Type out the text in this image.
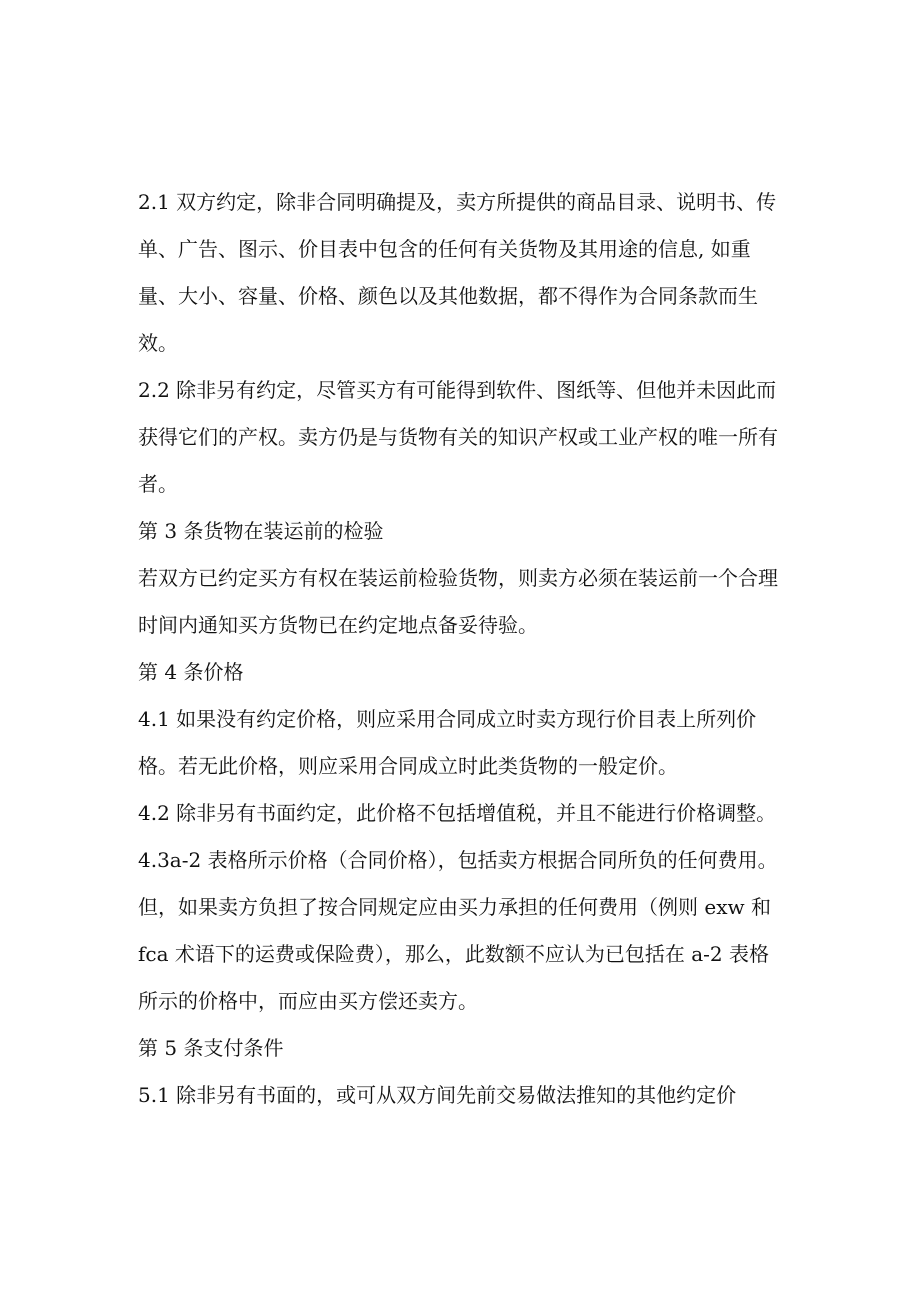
2.1 双方约定，除非合同明确提及，卖方所提供的商品目录、说明书、传
单、广告、图示、价目表中包含的任何有关货物及其用途的信息, 如重
量、大小、容量、价格、颜色以及其他数据，都不得作为合同条款而生
效。
2.2 除非另有约定，尽管买方有可能得到软件、图纸等、但他并未因此而
获得它们的产权。卖方仍是与货物有关的知识产权或工业产权的唯一所有
者。
第 3 条货物在装运前的检验
若双方已约定买方有权在装运前检验货物，则卖方必须在装运前一个合理
时间内通知买方货物已在约定地点备妥待验。
第 4 条价格
4.1 如果没有约定价格，则应采用合同成立时卖方现行价目表上所列价
格。若无此价格，则应采用合同成立时此类货物的一般定价。
4.2 除非另有书面约定，此价格不包括增值税，并且不能进行价格调整。
4.3a-2 表格所示价格（合同价格），包括卖方根据合同所负的任何费用。
但，如果卖方负担了按合同规定应由买力承担的任何费用（例则 exw 和
fca 术语下的运费或保险费），那么，此数额不应认为已包括在 a-2 表格
所示的价格中，而应由买方偿还卖方。
第 5 条支付条件
5.1 除非另有书面的，或可从双方间先前交易做法推知的其他约定价
